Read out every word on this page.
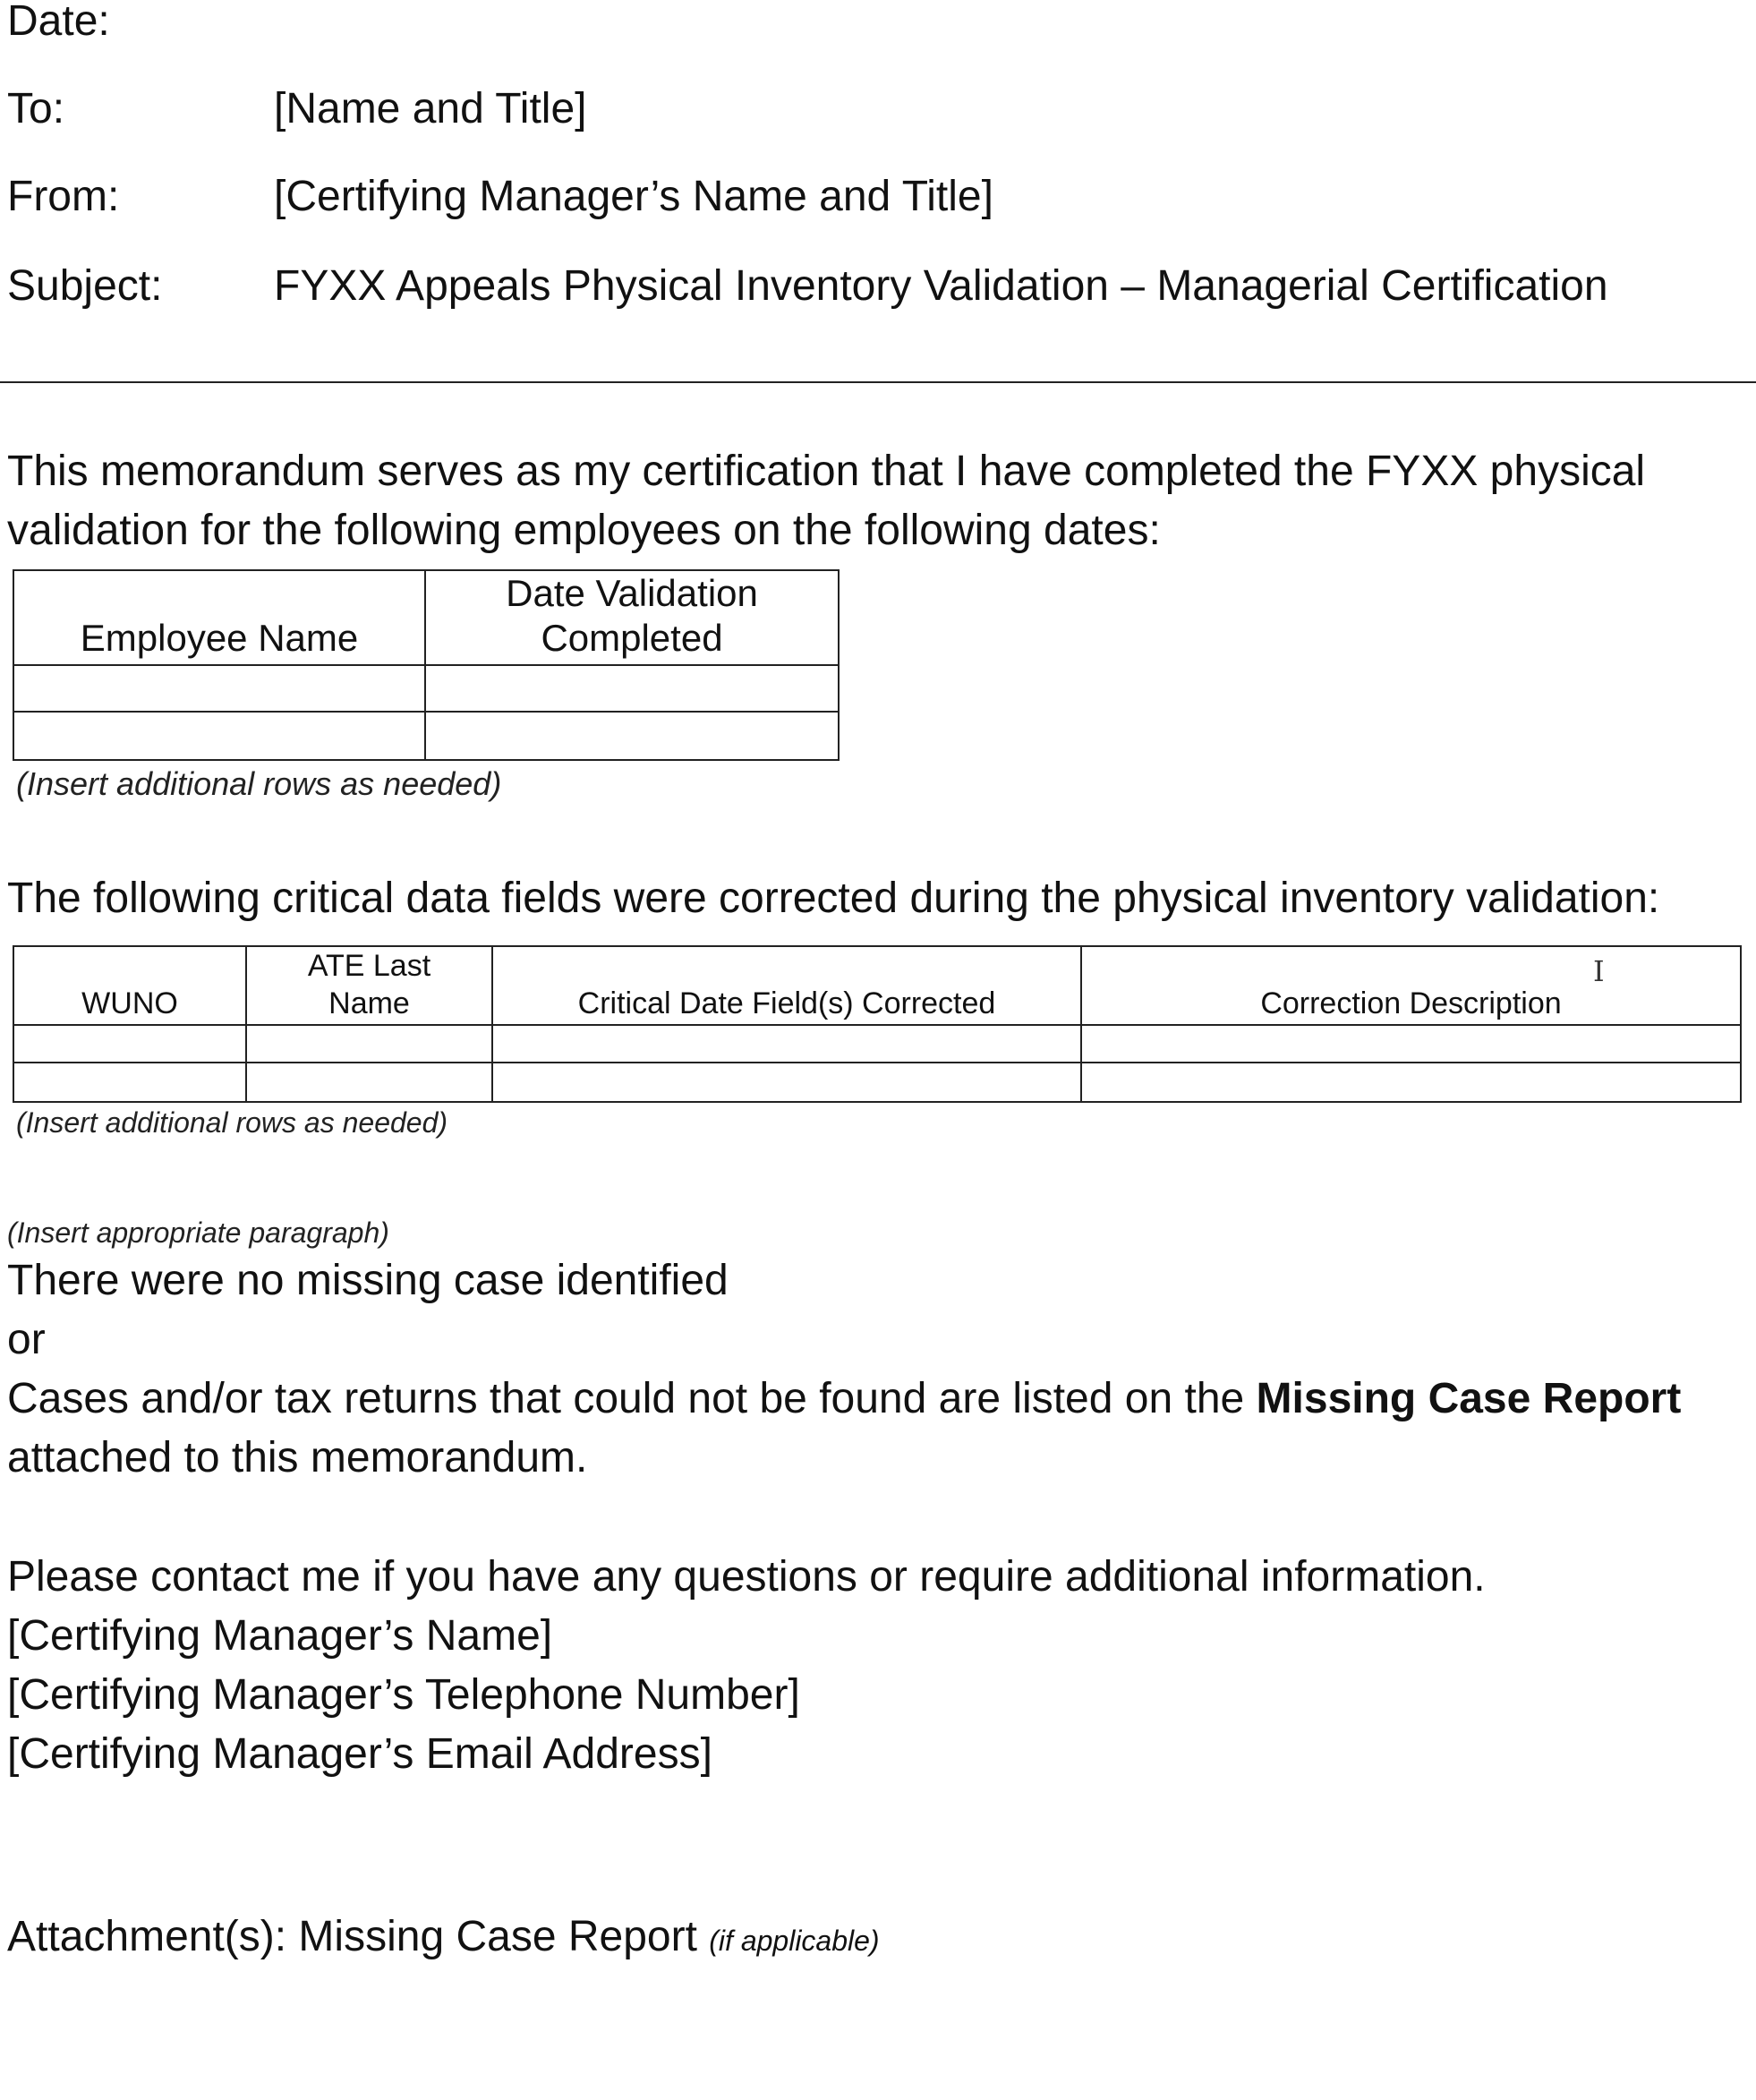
Date:
To:	[Name and Title]
From:	[Certifying Manager’s Name and Title]
Subject:	FYXX Appeals Physical Inventory Validation – Managerial Certification
This memorandum serves as my certification that I have completed the FYXX physical
validation for the following employees on the following dates:
Employee Name	Date Validation Completed

(Insert additional rows as needed)
The following critical data fields were corrected during the physical inventory validation:
WUNO	ATE Last Name	Critical Date Field(s) Corrected	Correction Description

(Insert additional rows as needed)
I
(Insert appropriate paragraph)
There were no missing case identified
or
Cases and/or tax returns that could not be found are listed on the Missing Case Report
attached to this memorandum.
Please contact me if you have any questions or require additional information.
[Certifying Manager’s Name]
[Certifying Manager’s Telephone Number]
[Certifying Manager’s Email Address]
Attachment(s): Missing Case Report (if applicable)
